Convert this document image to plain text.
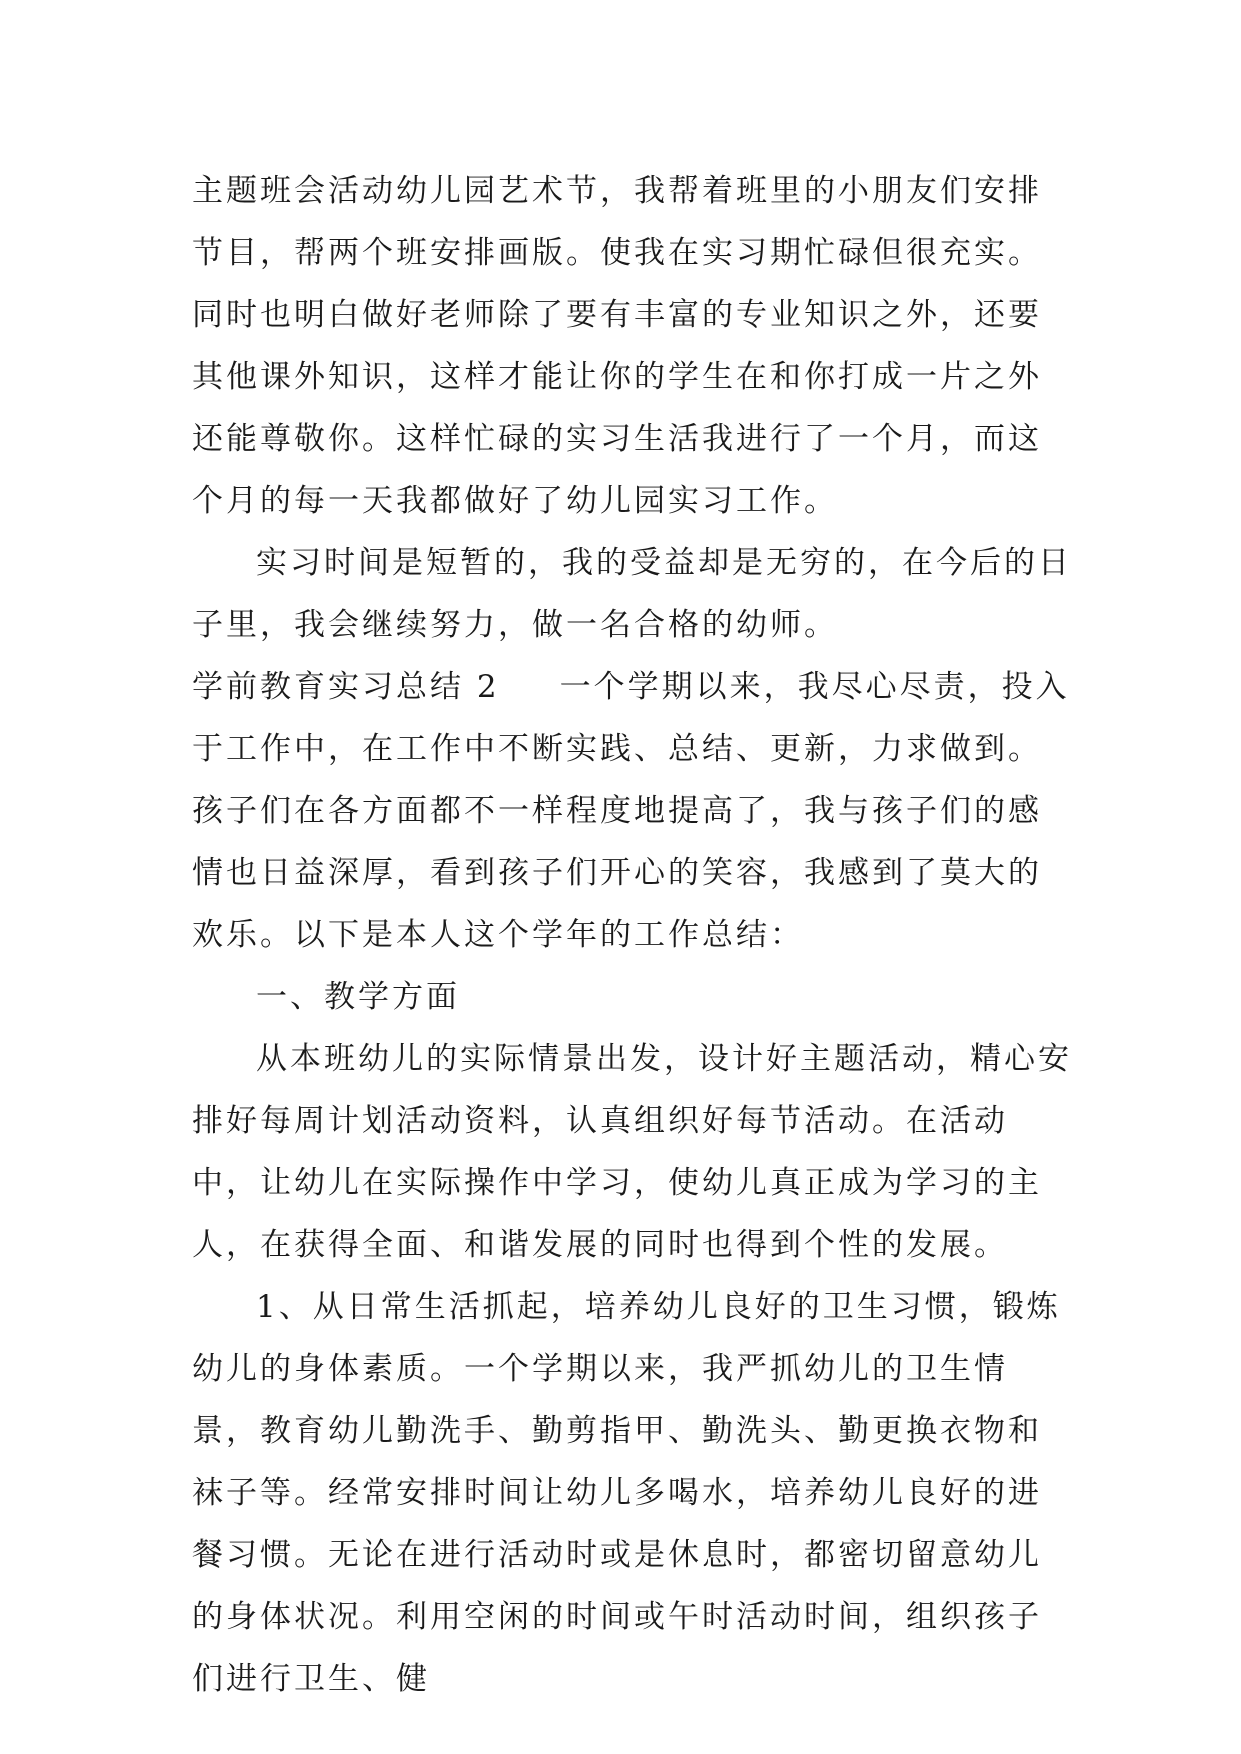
主题班会活动幼儿园艺术节，我帮着班里的小朋友们安排节目，帮两个班安排画版。使我在实习期忙碌但很充实。同时也明白做好老师除了要有丰富的专业知识之外，还要其他课外知识，这样才能让你的学生在和你打成一片之外还能尊敬你。这样忙碌的实习生活我进行了一个月，而这个月的每一天我都做好了幼儿园实习工作。

实习时间是短暂的，我的受益却是无穷的，在今后的日子里，我会继续努力，做一名合格的幼师。

学前教育实习总结 2 一个学期以来，我尽心尽责，投入于工作中，在工作中不断实践、总结、更新，力求做到。孩子们在各方面都不一样程度地提高了，我与孩子们的感情也日益深厚，看到孩子们开心的笑容，我感到了莫大的欢乐。以下是本人这个学年的工作总结：

一、教学方面

从本班幼儿的实际情景出发，设计好主题活动，精心安排好每周计划活动资料，认真组织好每节活动。在活动中，让幼儿在实际操作中学习，使幼儿真正成为学习的主人，在获得全面、和谐发展的同时也得到个性的发展。

1、从日常生活抓起，培养幼儿良好的卫生习惯，锻炼幼儿的身体素质。一个学期以来，我严抓幼儿的卫生情景，教育幼儿勤洗手、勤剪指甲、勤洗头、勤更换衣物和袜子等。经常安排时间让幼儿多喝水，培养幼儿良好的进餐习惯。无论在进行活动时或是休息时，都密切留意幼儿的身体状况。利用空闲的时间或午时活动时间，组织孩子们进行卫生、健
